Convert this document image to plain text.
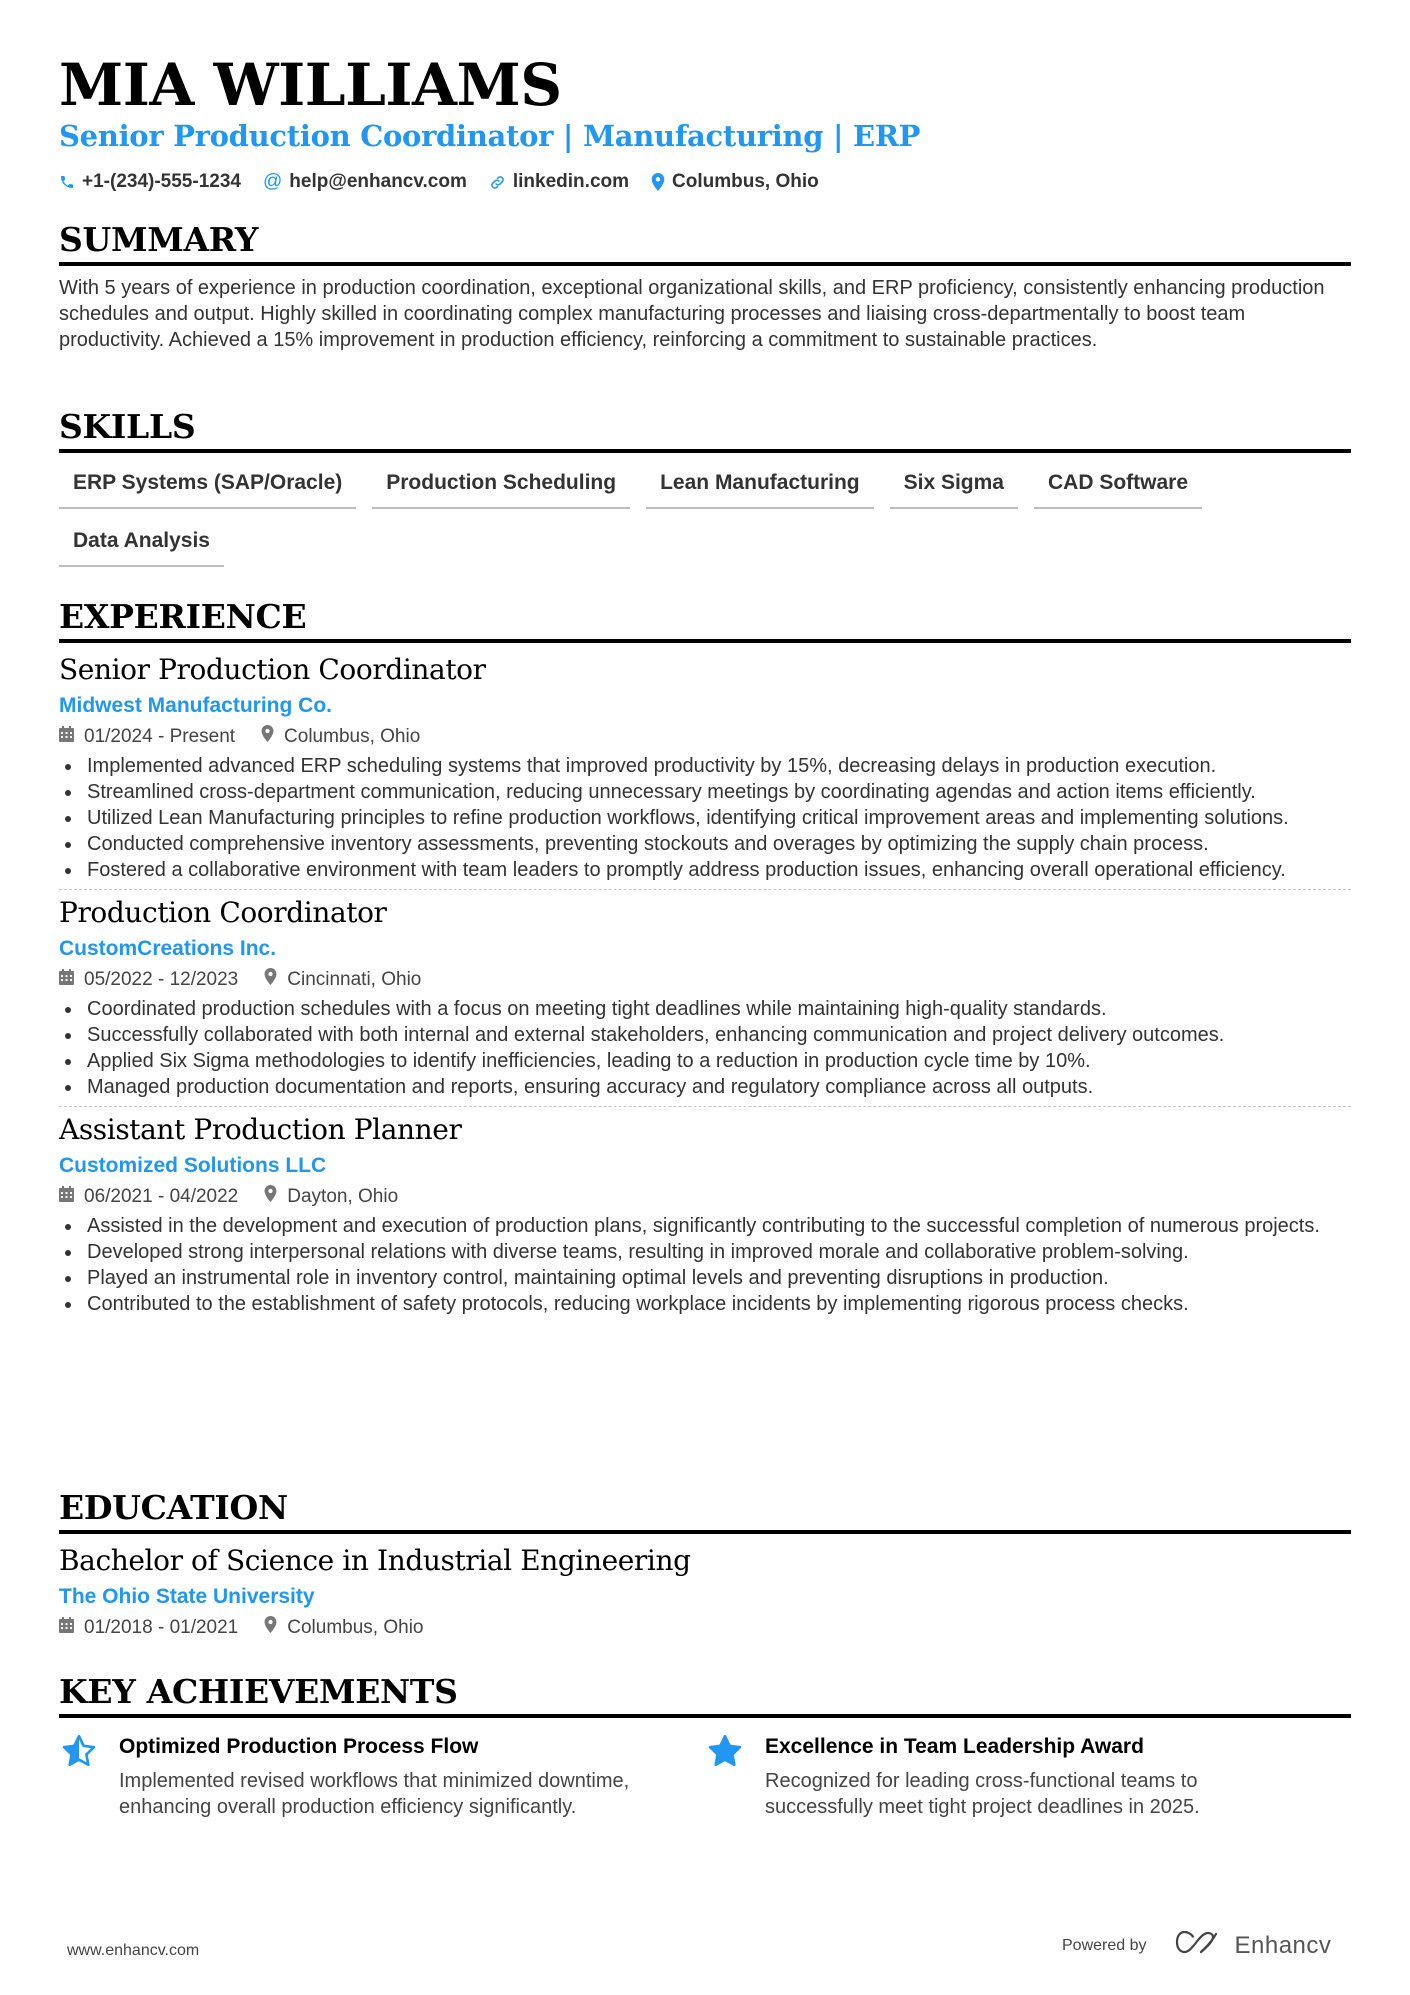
MIA WILLIAMS
Senior Production Coordinator | Manufacturing | ERP
+1-(234)-555-1234 @ help@enhancv.com linkedin.com Columbus, Ohio
SUMMARY

With 5 years of experience in production coordination, exceptional organizational skills, and ERP proficiency, consistently enhancing production schedules and output. Highly skilled in coordinating complex manufacturing processes and liaising cross-departmentally to boost team productivity. Achieved a 15% improvement in production efficiency, reinforcing a commitment to sustainable practices.

SKILLS
ERP Systems (SAP/Oracle)	Production Scheduling	Lean Manufacturing	Six Sigma	CAD Software
Data Analysis
EXPERIENCE
Senior Production Coordinator
Midwest Manufacturing Co.
01/2024 - Present	Columbus, Ohio
Implemented advanced ERP scheduling systems that improved productivity by 15%, decreasing delays in production execution.
Streamlined cross-department communication, reducing unnecessary meetings by coordinating agendas and action items efficiently.
Utilized Lean Manufacturing principles to refine production workflows, identifying critical improvement areas and implementing solutions.
Conducted comprehensive inventory assessments, preventing stockouts and overages by optimizing the supply chain process.
Fostered a collaborative environment with team leaders to promptly address production issues, enhancing overall operational efficiency.
Production Coordinator
CustomCreations Inc.
05/2022 - 12/2023	Cincinnati, Ohio
Coordinated production schedules with a focus on meeting tight deadlines while maintaining high-quality standards.
Successfully collaborated with both internal and external stakeholders, enhancing communication and project delivery outcomes.
Applied Six Sigma methodologies to identify inefficiencies, leading to a reduction in production cycle time by 10%.
Managed production documentation and reports, ensuring accuracy and regulatory compliance across all outputs.
Assistant Production Planner
Customized Solutions LLC
06/2021 - 04/2022	Dayton, Ohio
Assisted in the development and execution of production plans, significantly contributing to the successful completion of numerous projects.
Developed strong interpersonal relations with diverse teams, resulting in improved morale and collaborative problem-solving.
Played an instrumental role in inventory control, maintaining optimal levels and preventing disruptions in production.
Contributed to the establishment of safety protocols, reducing workplace incidents by implementing rigorous process checks.
EDUCATION
Bachelor of Science in Industrial Engineering
The Ohio State University
01/2018 - 01/2021	Columbus, Ohio
KEY ACHIEVEMENTS
Optimized Production Process Flow
Implemented revised workflows that minimized downtime, enhancing overall production efficiency significantly.
Excellence in Team Leadership Award
Recognized for leading cross-functional teams to successfully meet tight project deadlines in 2025.
www.enhancv.com	Powered by	Enhancv
